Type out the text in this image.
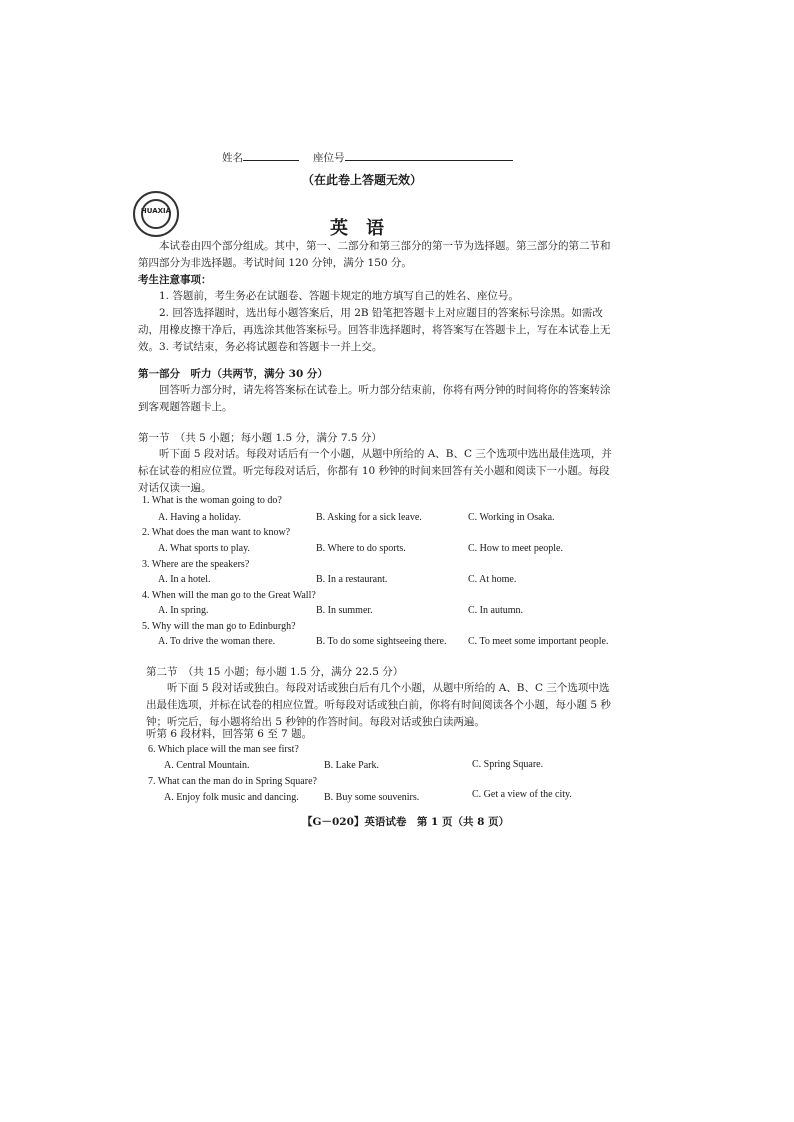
姓名	座位号
（在此卷上答题无效）
HUAXIA
英　语
本试卷由四个部分组成。其中，第一、二部分和第三部分的第一节为选择题。第三部分的第二节和第四部分为非选择题。考试时间 120 分钟，满分 150 分。
考生注意事项：
1. 答题前，考生务必在试题卷、答题卡规定的地方填写自己的姓名、座位号。
2. 回答选择题时，选出每小题答案后，用 2B 铅笔把答题卡上对应题目的答案标号涂黑。如需改动，用橡皮擦干净后，再选涂其他答案标号。回答非选择题时，将答案写在答题卡上，写在本试卷上无效。 3. 考试结束，务必将试题卷和答题卡一并上交。
第一部分　听力（共两节，满分 30 分）
回答听力部分时，请先将答案标在试卷上。听力部分结束前，你将有两分钟的时间将你的答案转涂到客观题答题卡上。
第一节　（共 5 小题；每小题 1.5 分，满分 7.5 分）
听下面 5 段对话。每段对话后有一个小题，从题中所给的 A、B、C 三个选项中选出最佳选项，并标在试卷的相应位置。听完每段对话后，你都有 10 秒钟的时间来回答有关小题和阅读下一小题。每段对话仅读一遍。
1. What is the woman going to do?
A. Having a holiday.	B. Asking for a sick leave.	C. Working in Osaka.
2. What does the man want to know?
A. What sports to play.	B. Where to do sports.	C. How to meet people.
3. Where are the speakers?
A. In a hotel.	B. In a restaurant.	C. At home.
4. When will the man go to the Great Wall?
A. In spring.	B. In summer.	C. In autumn.
5. Why will the man go to Edinburgh?
A. To drive the woman there.	B. To do some sightseeing there. C. To meet some important people.
第二节　（共 15 小题；每小题 1.5 分，满分 22.5 分）
听下面 5 段对话或独白。每段对话或独白后有几个小题，从题中所给的 A、B、C 三个选项中选出最佳选项，并标在试卷的相应位置。听每段对话或独白前，你将有时间阅读各个小题，每小题 5 秒钟；听完后，每小题将给出 5 秒钟的作答时间。每段对话或独白读两遍。
听第 6 段材料，回答第 6 至 7 题。
6. Which place will the man see first?
A. Central Mountain.	B. Lake Park.	C. Spring Square.
7. What can the man do in Spring Square?
A. Enjoy folk music and dancing.	B. Buy some souvenirs.	C. Get a view of the city.
【G－020】英语试卷　第 1 页（共 8 页）
